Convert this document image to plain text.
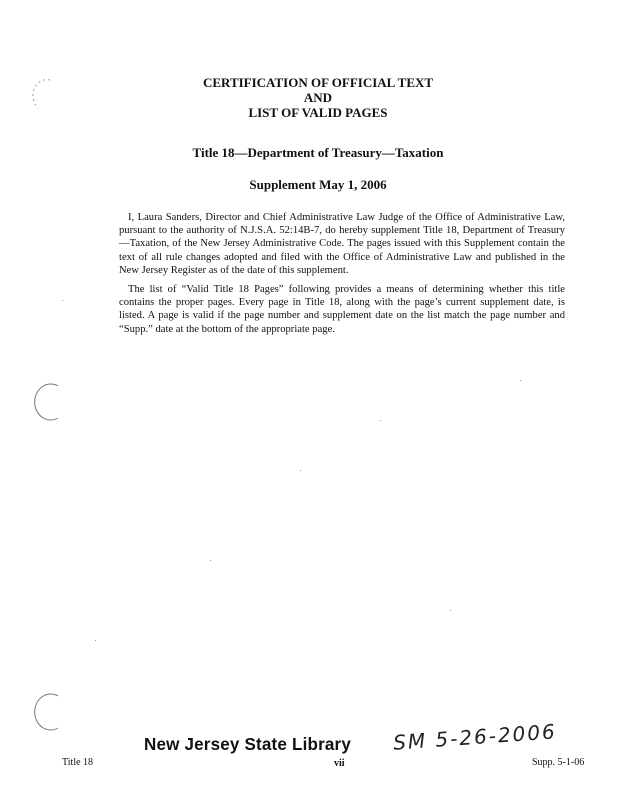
CERTIFICATION OF OFFICIAL TEXT
AND
LIST OF VALID PAGES
Title 18—Department of Treasury—Taxation
Supplement May 1, 2006

I, Laura Sanders, Director and Chief Administrative Law Judge of the Office of Administrative Law, pursuant to the authority of N.J.S.A. 52:14B-7, do hereby supplement Title 18, Department of Treasury—Taxation, of the New Jersey Administrative Code. The pages issued with this Supplement contain the text of all rule changes adopted and filed with the Office of Administrative Law and published in the New Jersey Register as of the date of this supplement.

The list of “Valid Title 18 Pages” following provides a means of determining whether this title contains the proper pages. Every page in Title 18, along with the page’s current supplement date, is listed. A page is valid if the page number and supplement date on the list match the page number and “Supp.” date at the bottom of the appropriate page.

New Jersey State Library SM 5-26-2006
Title 18	vii	Supp. 5-1-06
